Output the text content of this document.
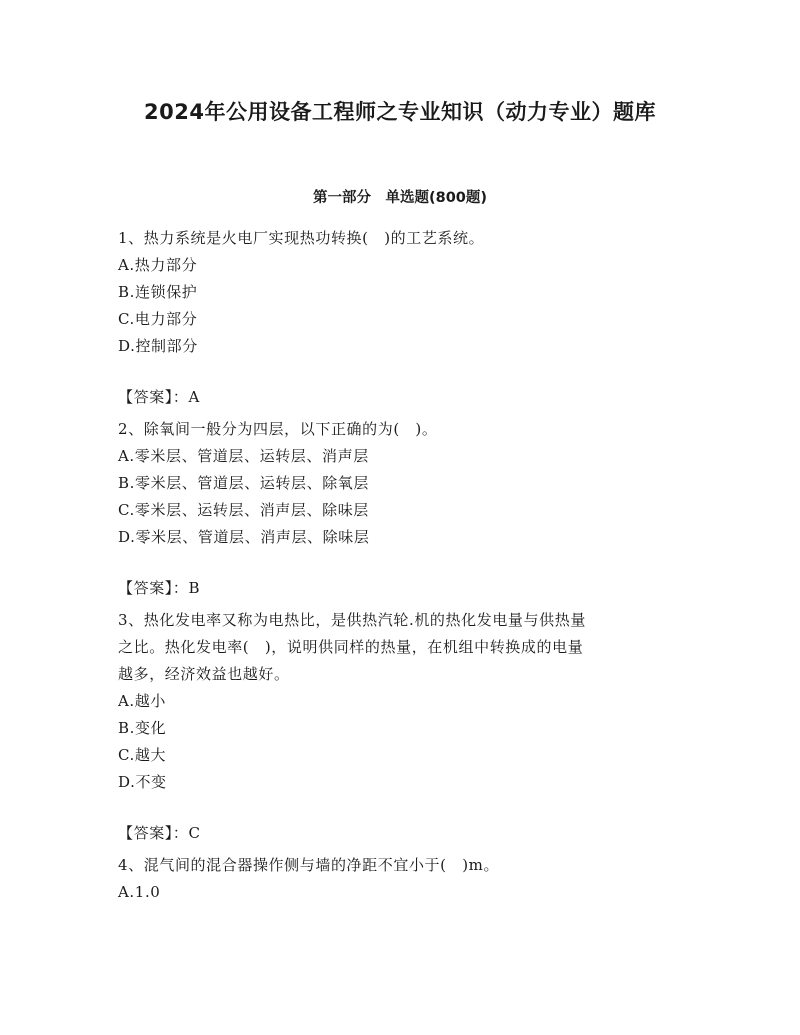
2024年公用设备工程师之专业知识（动力专业）题库
第一部分　单选题(800题)

1、热力系统是火电厂实现热功转换(　)的工艺系统。

A.热力部分

B.连锁保护

C.电力部分

D.控制部分

【答案】：A

2、除氧间一般分为四层，以下正确的为(　)。

A.零米层、管道层、运转层、消声层

B.零米层、管道层、运转层、除氧层

C.零米层、运转层、消声层、除味层

D.零米层、管道层、消声层、除味层

【答案】：B

3、热化发电率又称为电热比，是供热汽轮.机的热化发电量与供热量

之比。热化发电率(　)，说明供同样的热量，在机组中转换成的电量

越多，经济效益也越好。

A.越小

B.变化

C.越大

D.不变

【答案】：C

4、混气间的混合器操作侧与墙的净距不宜小于(　)m。

A.1.0
